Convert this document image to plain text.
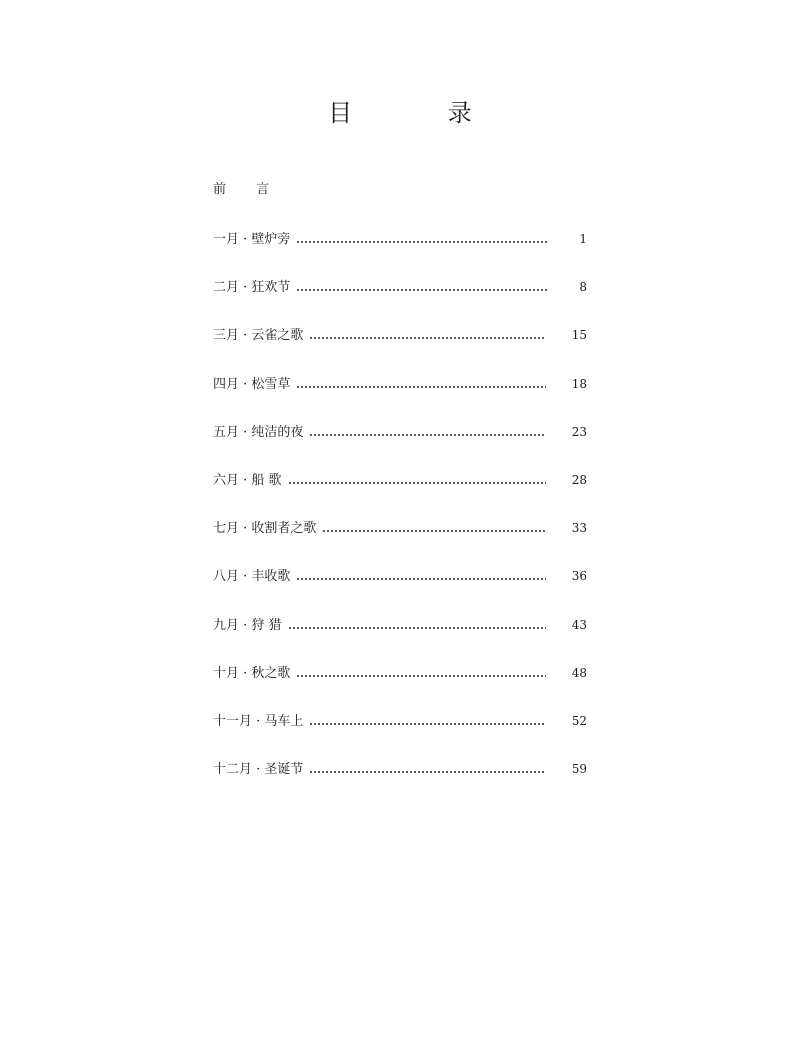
目 录
前 言
一月 · 壁炉旁	1
二月 · 狂欢节	8
三月 · 云雀之歌	15
四月 · 松雪草	18
五月 · 纯洁的夜	23
六月 · 船 歌	28
七月 · 收割者之歌	33
八月 · 丰收歌	36
九月 · 狩 猎	43
十月 · 秋之歌	48
十一月 · 马车上	52
十二月 · 圣诞节	59
